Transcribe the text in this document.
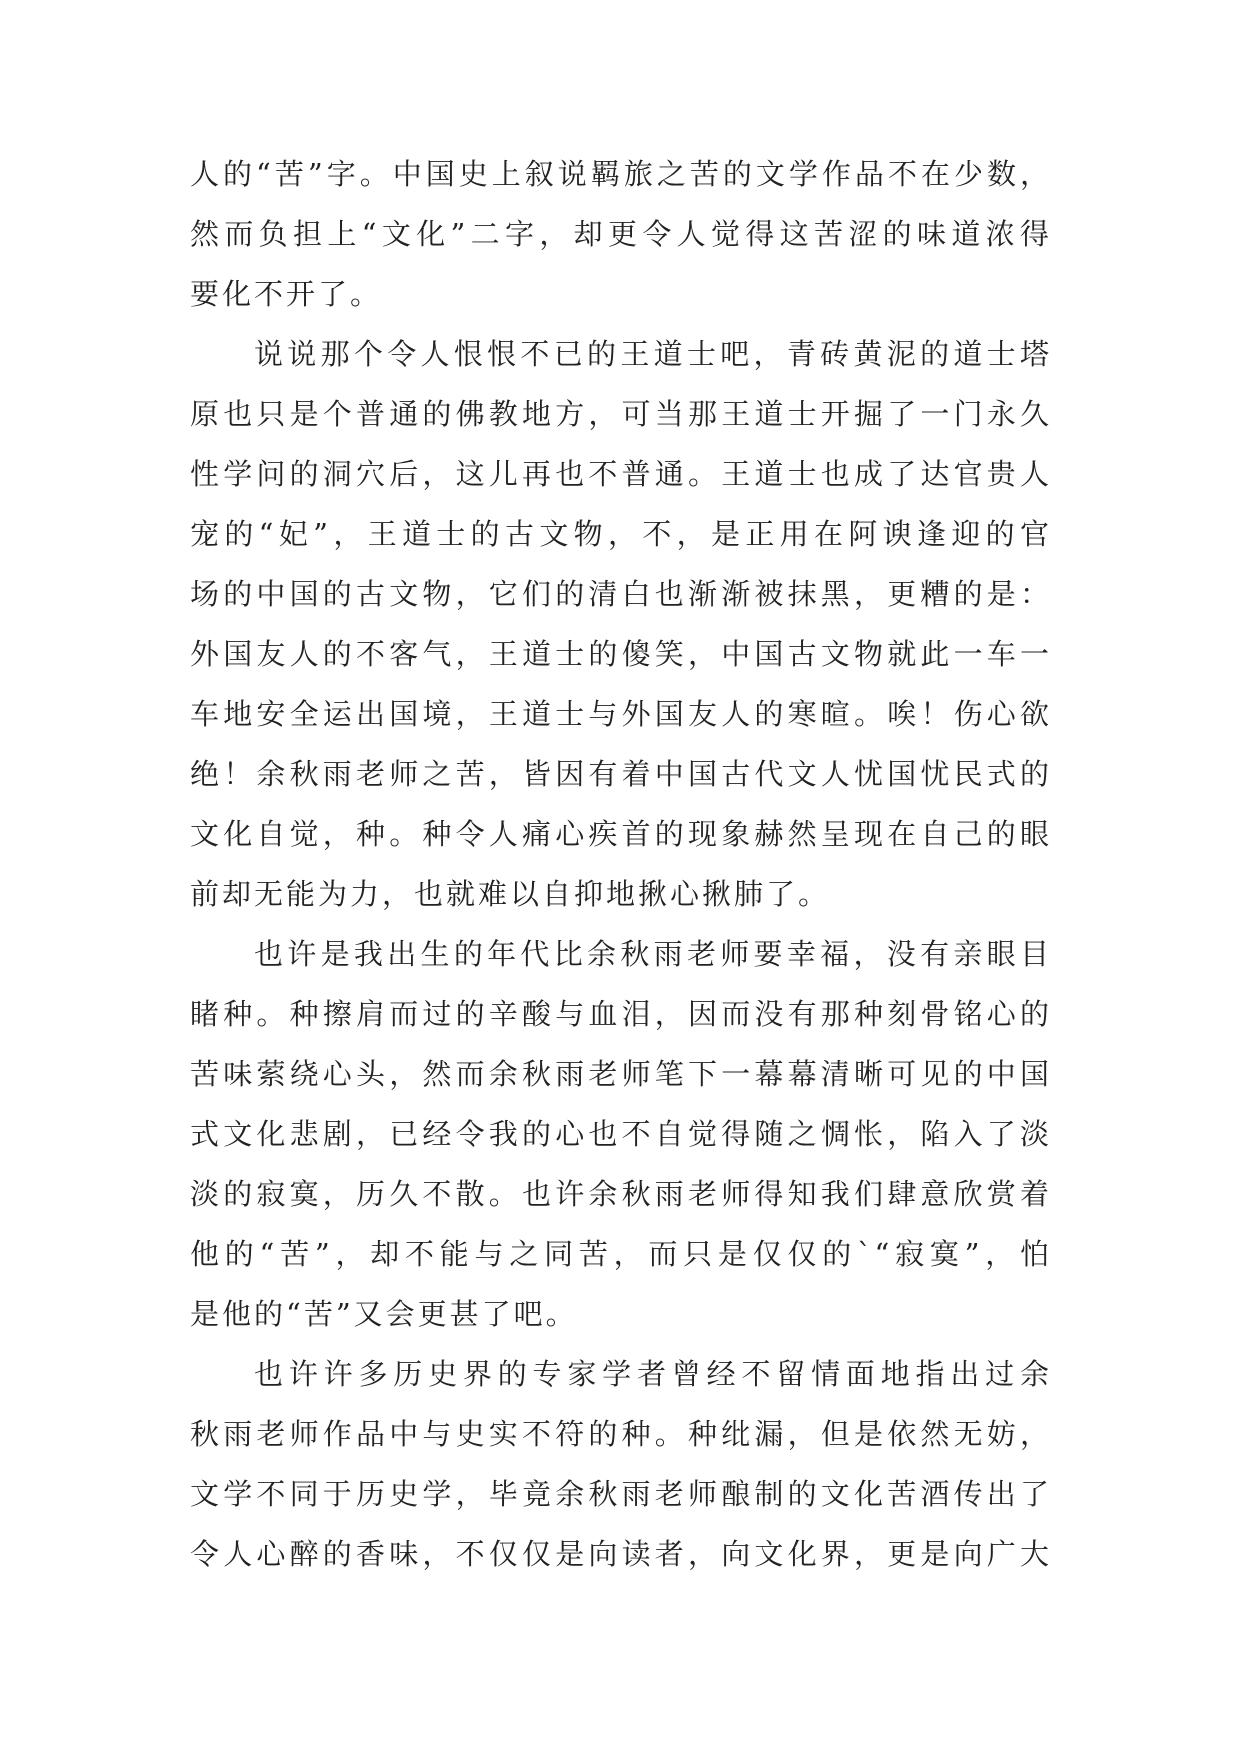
人的“苦”字。中国史上叙说羁旅之苦的文学作品不在少数，
然而负担上“文化”二字，却更令人觉得这苦涩的味道浓得
要化不开了。
说说那个令人恨恨不已的王道士吧，青砖黄泥的道士塔
原也只是个普通的佛教地方，可当那王道士开掘了一门永久
性学问的洞穴后，这儿再也不普通。王道士也成了达官贵人
宠的“妃”，王道士的古文物，不，是正用在阿谀逢迎的官
场的中国的古文物，它们的清白也渐渐被抹黑，更糟的是：
外国友人的不客气，王道士的傻笑，中国古文物就此一车一
车地安全运出国境，王道士与外国友人的寒暄。唉！伤心欲
绝！余秋雨老师之苦，皆因有着中国古代文人忧国忧民式的
文化自觉，种。种令人痛心疾首的现象赫然呈现在自己的眼
前却无能为力，也就难以自抑地揪心揪肺了。
也许是我出生的年代比余秋雨老师要幸福，没有亲眼目
睹种。种擦肩而过的辛酸与血泪，因而没有那种刻骨铭心的
苦味萦绕心头，然而余秋雨老师笔下一幕幕清晰可见的中国
式文化悲剧，已经令我的心也不自觉得随之惆怅，陷入了淡
淡的寂寞，历久不散。也许余秋雨老师得知我们肆意欣赏着
他的“苦”，却不能与之同苦，而只是仅仅的`“寂寞”，怕
是他的“苦”又会更甚了吧。
也许许多历史界的专家学者曾经不留情面地指出过余
秋雨老师作品中与史实不符的种。种纰漏，但是依然无妨，
文学不同于历史学，毕竟余秋雨老师酿制的文化苦酒传出了
令人心醉的香味，不仅仅是向读者，向文化界，更是向广大
